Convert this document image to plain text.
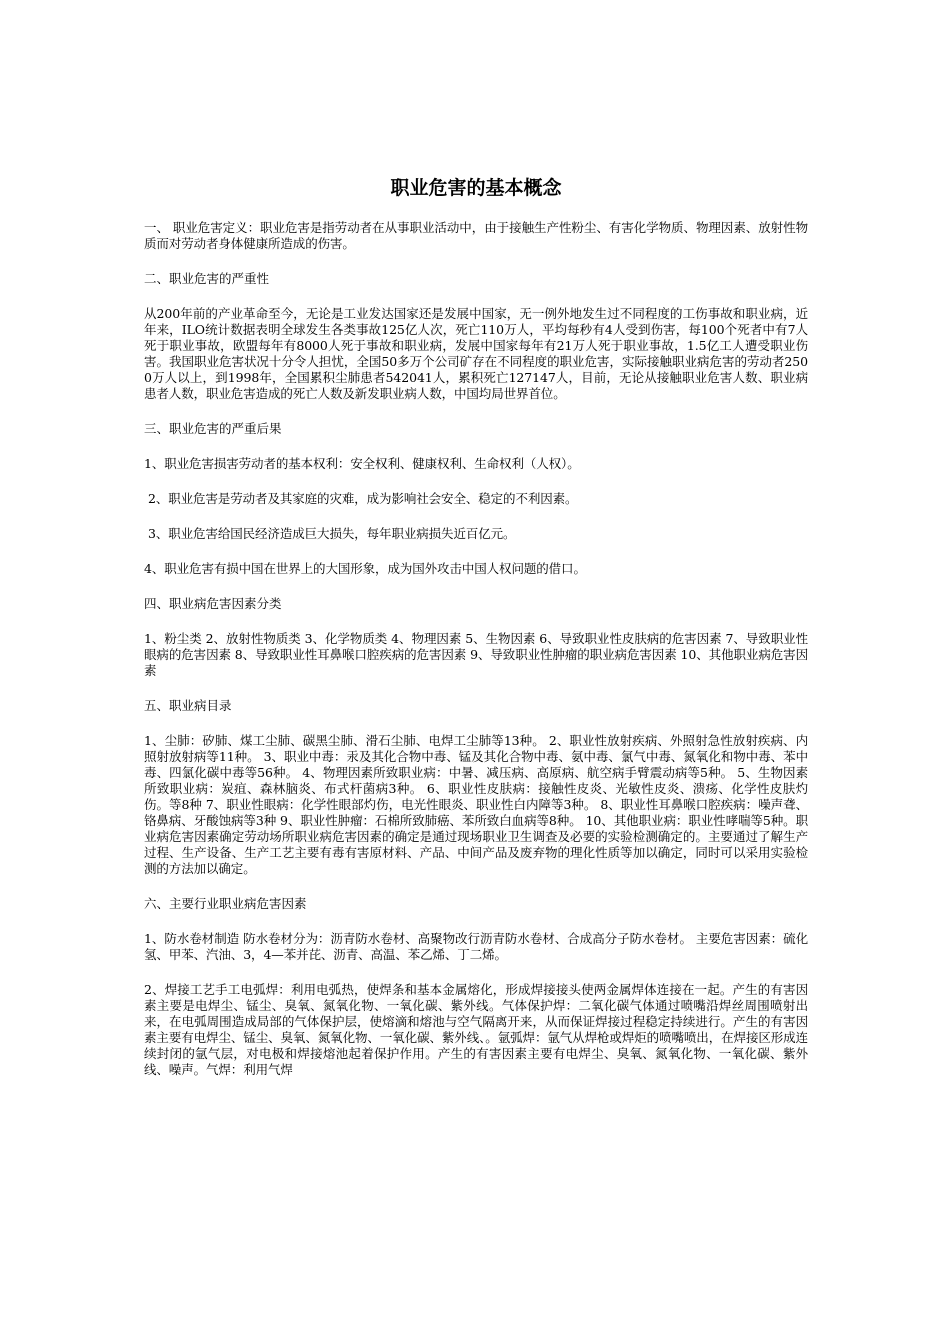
职业危害的基本概念

一、 职业危害定义：职业危害是指劳动者在从事职业活动中，由于接触生产性粉尘、有害化学物质、物理因素、放射性物质而对劳动者身体健康所造成的伤害。

二、职业危害的严重性

从200年前的产业革命至今，无论是工业发达国家还是发展中国家，无一例外地发生过不同程度的工伤事故和职业病，近年来，ILO统计数据表明全球发生各类事故125亿人次，死亡110万人，平均每秒有4人受到伤害，每100个死者中有7人死于职业事故，欧盟每年有8000人死于事故和职业病，发展中国家每年有21万人死于职业事故，1.5亿工人遭受职业伤害。我国职业危害状况十分令人担忧，全国50多万个公司矿存在不同程度的职业危害，实际接触职业病危害的劳动者2500万人以上，到1998年，全国累积尘肺患者542041人，累积死亡127147人，目前，无论从接触职业危害人数、职业病患者人数，职业危害造成的死亡人数及新发职业病人数，中国均局世界首位。

三、职业危害的严重后果

1、职业危害损害劳动者的基本权利：安全权利、健康权利、生命权利（人权）。

2、职业危害是劳动者及其家庭的灾难，成为影响社会安全、稳定的不利因素。

3、职业危害给国民经济造成巨大损失，每年职业病损失近百亿元。

4、职业危害有损中国在世界上的大国形象，成为国外攻击中国人权问题的借口。

四、职业病危害因素分类

1、粉尘类 2、放射性物质类 3、化学物质类 4、物理因素 5、生物因素 6、导致职业性皮肤病的危害因素 7、导致职业性眼病的危害因素 8、导致职业性耳鼻喉口腔疾病的危害因素 9、导致职业性肿瘤的职业病危害因素 10、其他职业病危害因素

五、职业病目录

1、尘肺：矽肺、煤工尘肺、碳黑尘肺、滑石尘肺、电焊工尘肺等13种。 2、职业性放射疾病、外照射急性放射疾病、内照射放射病等11种。 3、职业中毒：汞及其化合物中毒、锰及其化合物中毒、氨中毒、氯气中毒、氮氧化和物中毒、苯中毒、四氯化碳中毒等56种。 4、物理因素所致职业病：中暑、减压病、高原病、航空病手臂震动病等5种。 5、生物因素所致职业病：炭疽、森林脑炎、布式杆菌病3种。 6、职业性皮肤病：接触性皮炎、光敏性皮炎、溃疡、化学性皮肤灼伤。等8种 7、职业性眼病：化学性眼部灼伤，电光性眼炎、职业性白内障等3种。 8、职业性耳鼻喉口腔疾病：噪声聋、铬鼻病、牙酸蚀病等3种 9、职业性肿瘤：石棉所致肺癌、苯所致白血病等8种。 10、其他职业病：职业性哮喘等5种。职业病危害因素确定劳动场所职业病危害因素的确定是通过现场职业卫生调查及必要的实验检测确定的。主要通过了解生产过程、生产设备、生产工艺主要有毒有害原材料、产品、中间产品及废弃物的理化性质等加以确定，同时可以采用实验检测的方法加以确定。

六、主要行业职业病危害因素

1、防水卷材制造 防水卷材分为：沥青防水卷材、高聚物改行沥青防水卷材、合成高分子防水卷材。 主要危害因素：硫化氢、甲苯、汽油、3，4—苯并芘、沥青、高温、苯乙烯、丁二烯。

2、焊接工艺手工电弧焊：利用电弧热，使焊条和基本金属熔化，形成焊接接头使两金属焊体连接在一起。产生的有害因素主要是电焊尘、锰尘、臭氧、氮氧化物、一氧化碳、紫外线。气体保护焊：二氧化碳气体通过喷嘴沿焊丝周围喷射出来，在电弧周围造成局部的气体保护层，使熔滴和熔池与空气隔离开来，从而保证焊接过程稳定持续进行。产生的有害因素主要有电焊尘、锰尘、臭氧、氮氧化物、一氧化碳、紫外线、。氩弧焊：氩气从焊枪或焊炬的喷嘴喷出，在焊接区形成连续封闭的氩气层，对电极和焊接熔池起着保护作用。产生的有害因素主要有电焊尘、臭氧、氮氧化物、一氧化碳、紫外线、噪声。气焊：利用气焊
